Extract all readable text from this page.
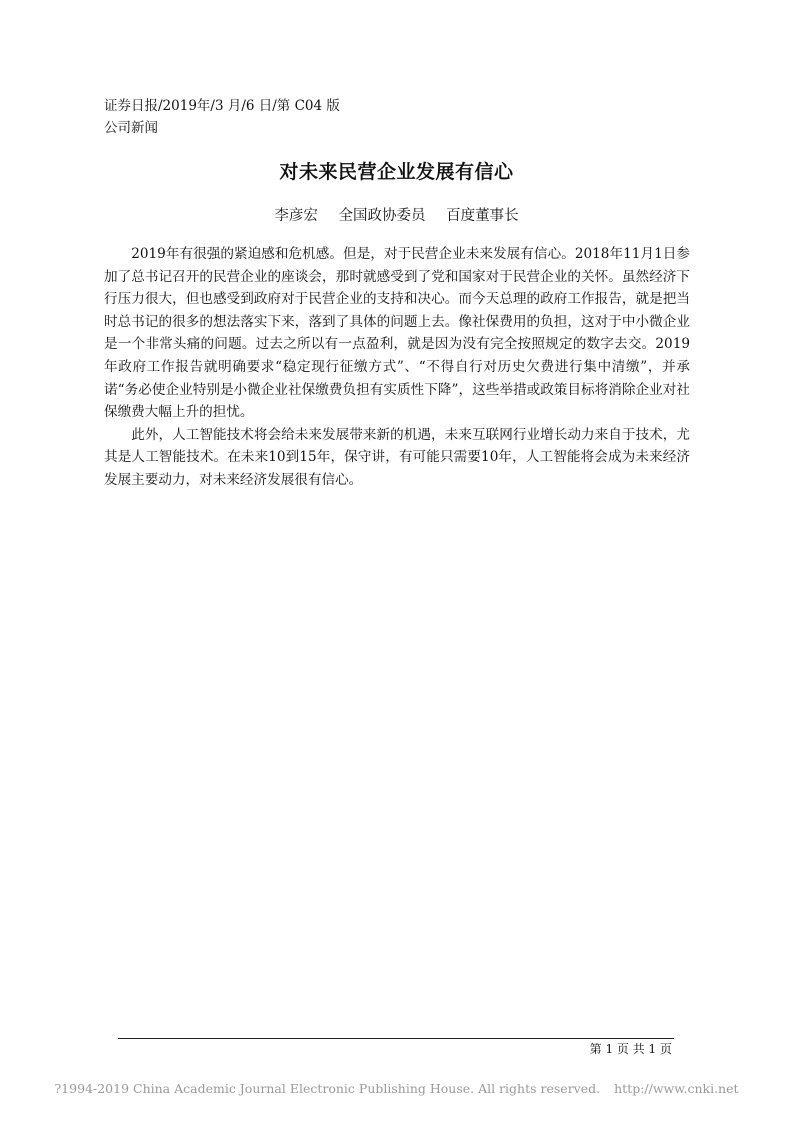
证券日报/2019年/3 月/6 日/第 C04 版
公司新闻
对未来民营企业发展有信心
李彦宏 全国政协委员 百度董事长

2019年有很强的紧迫感和危机感。但是，对于民营企业未来发展有信心。2018年11月1日参加了总书记召开的民营企业的座谈会，那时就感受到了党和国家对于民营企业的关怀。虽然经济下行压力很大，但也感受到政府对于民营企业的支持和决心。而今天总理的政府工作报告，就是把当时总书记的很多的想法落实下来，落到了具体的问题上去。像社保费用的负担，这对于中小微企业是一个非常头痛的问题。过去之所以有一点盈利，就是因为没有完全按照规定的数字去交。2019年政府工作报告就明确要求“稳定现行征缴方式”、“不得自行对历史欠费进行集中清缴”，并承诺“务必使企业特别是小微企业社保缴费负担有实质性下降”，这些举措或政策目标将消除企业对社保缴费大幅上升的担忧。

此外，人工智能技术将会给未来发展带来新的机遇，未来互联网行业增长动力来自于技术，尤其是人工智能技术。在未来10到15年，保守讲，有可能只需要10年，人工智能将会成为未来经济发展主要动力，对未来经济发展很有信心。

第 1 页 共 1 页
?1994-2019 China Academic Journal Electronic Publishing House. All rights reserved. http://www.cnki.net
